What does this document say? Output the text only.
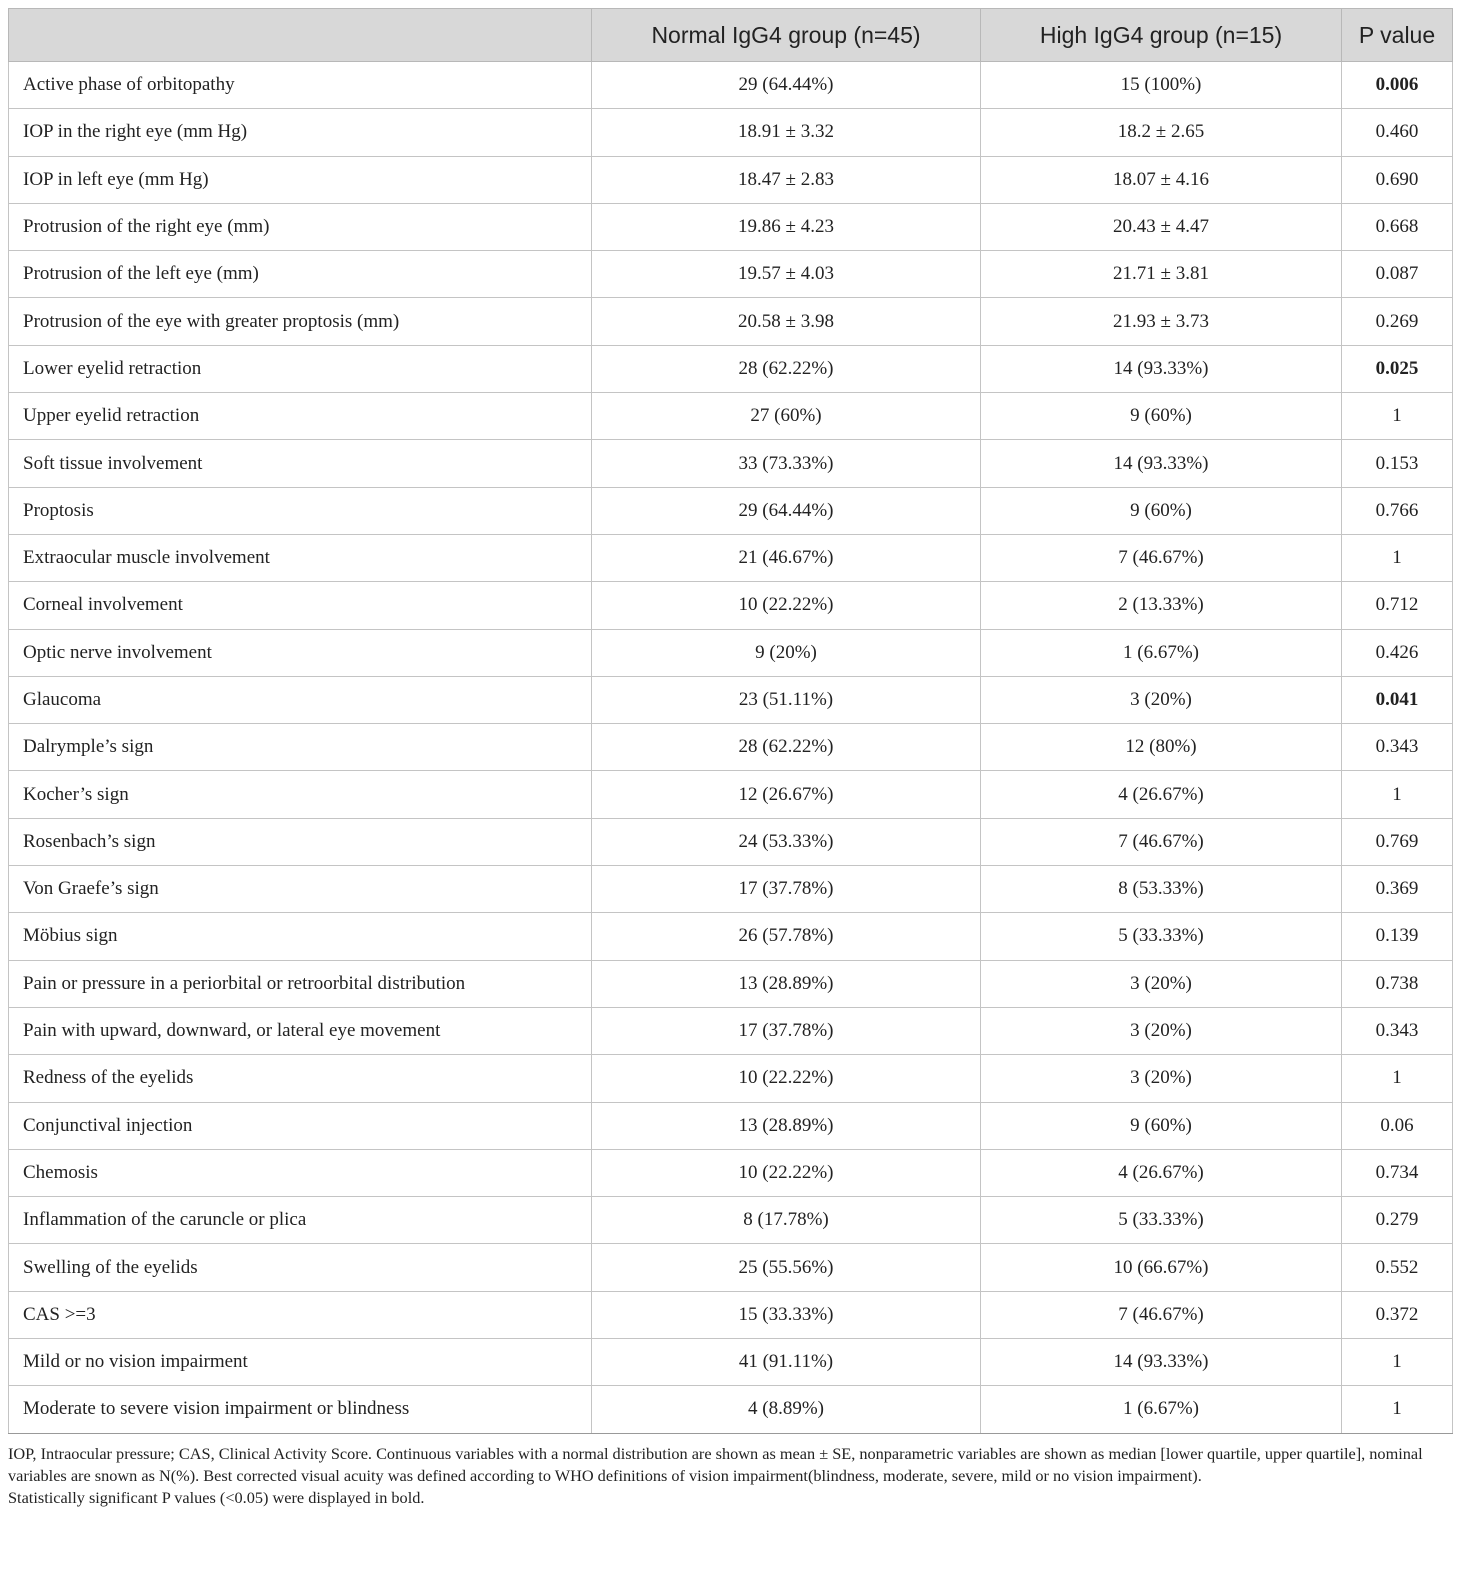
	Normal IgG4 group (n=45)	High IgG4 group (n=15)	P value
Active phase of orbitopathy	29 (64.44%)	15 (100%)	0.006
IOP in the right eye (mm Hg)	18.91 ± 3.32	18.2 ± 2.65	0.460
IOP in left eye (mm Hg)	18.47 ± 2.83	18.07 ± 4.16	0.690
Protrusion of the right eye (mm)	19.86 ± 4.23	20.43 ± 4.47	0.668
Protrusion of the left eye (mm)	19.57 ± 4.03	21.71 ± 3.81	0.087
Protrusion of the eye with greater proptosis (mm)	20.58 ± 3.98	21.93 ± 3.73	0.269
Lower eyelid retraction	28 (62.22%)	14 (93.33%)	0.025
Upper eyelid retraction	27 (60%)	9 (60%)	1
Soft tissue involvement	33 (73.33%)	14 (93.33%)	0.153
Proptosis	29 (64.44%)	9 (60%)	0.766
Extraocular muscle involvement	21 (46.67%)	7 (46.67%)	1
Corneal involvement	10 (22.22%)	2 (13.33%)	0.712
Optic nerve involvement	9 (20%)	1 (6.67%)	0.426
Glaucoma	23 (51.11%)	3 (20%)	0.041
Dalrymple’s sign	28 (62.22%)	12 (80%)	0.343
Kocher’s sign	12 (26.67%)	4 (26.67%)	1
Rosenbach’s sign	24 (53.33%)	7 (46.67%)	0.769
Von Graefe’s sign	17 (37.78%)	8 (53.33%)	0.369
Möbius sign	26 (57.78%)	5 (33.33%)	0.139
Pain or pressure in a periorbital or retroorbital distribution	13 (28.89%)	3 (20%)	0.738
Pain with upward, downward, or lateral eye movement	17 (37.78%)	3 (20%)	0.343
Redness of the eyelids	10 (22.22%)	3 (20%)	1
Conjunctival injection	13 (28.89%)	9 (60%)	0.06
Chemosis	10 (22.22%)	4 (26.67%)	0.734
Inflammation of the caruncle or plica	8 (17.78%)	5 (33.33%)	0.279
Swelling of the eyelids	25 (55.56%)	10 (66.67%)	0.552
CAS >=3	15 (33.33%)	7 (46.67%)	0.372
Mild or no vision impairment	41 (91.11%)	14 (93.33%)	1
Moderate to severe vision impairment or blindness	4 (8.89%)	1 (6.67%)	1

IOP, Intraocular pressure; CAS, Clinical Activity Score. Continuous variables with a normal distribution are shown as mean ± SE, nonparametric variables are shown as median [lower quartile, upper quartile], nominal variables are snown as N(%). Best corrected visual acuity was defined according to WHO definitions of vision impairment(blindness, moderate, severe, mild or no vision impairment).

Statistically significant P values (<0.05) were displayed in bold.
